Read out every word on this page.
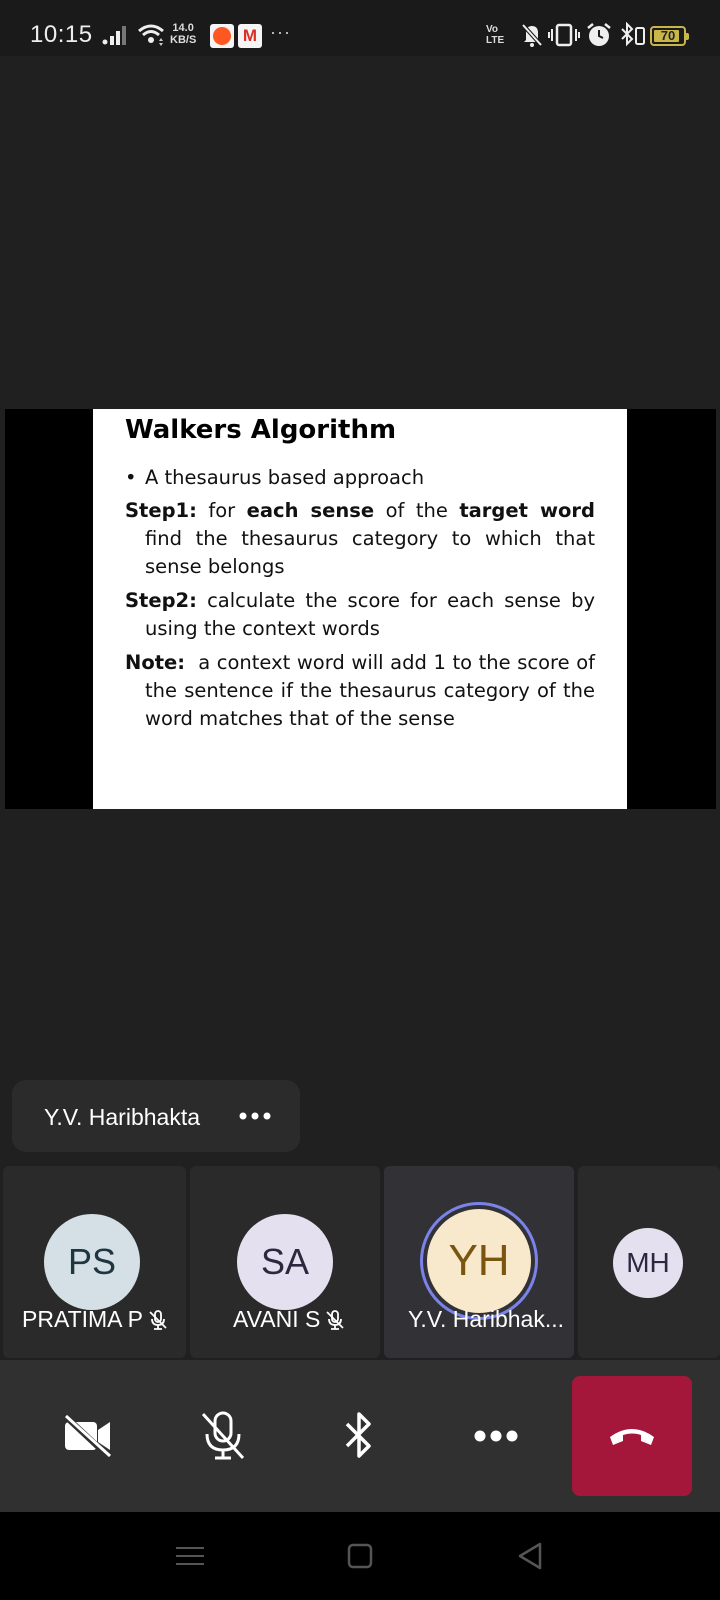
10:15	14.0
KB/S	M ···	Vo
LTE	70
Walkers Algorithm
• A thesaurus based approach
Step1: for each sense of the target word find the thesaurus category to which that sense belongs
Step2: calculate the score for each sense by using the context words
Note:  a context word will add 1 to the score of the sentence if the thesaurus category of the word matches that of the sense
Y.V. Haribhakta
PS
PRATIMA P
SA
AVANI S
YH
Y.V. Haribhak...
MH
